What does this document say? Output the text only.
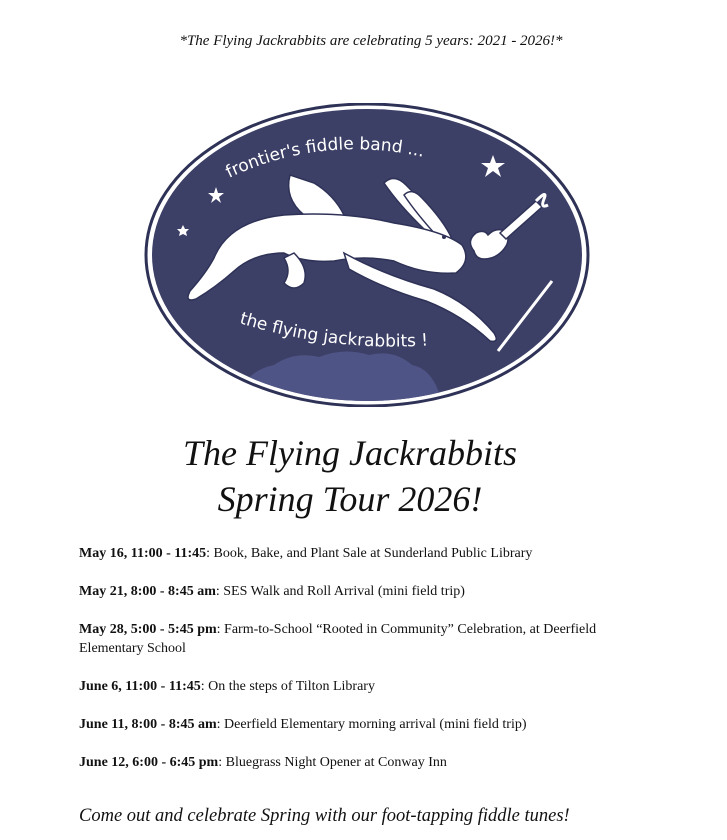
*The Flying Jackrabbits are celebrating 5 years: 2021 - 2026!*
frontier's fiddle band ...
the flying jackrabbits !
The Flying Jackrabbits
Spring Tour 2026!

May 16, 11:00 - 11:45: Book, Bake, and Plant Sale at Sunderland Public Library

May 21, 8:00 - 8:45 am: SES Walk and Roll Arrival (mini field trip)

May 28, 5:00 - 5:45 pm: Farm-to-School “Rooted in Community” Celebration, at Deerfield Elementary School

June 6, 11:00 - 11:45: On the steps of Tilton Library

June 11, 8:00 - 8:45 am: Deerfield Elementary morning arrival (mini field trip)

June 12, 6:00 - 6:45 pm: Bluegrass Night Opener at Conway Inn

Come out and celebrate Spring with our foot-tapping fiddle tunes!
